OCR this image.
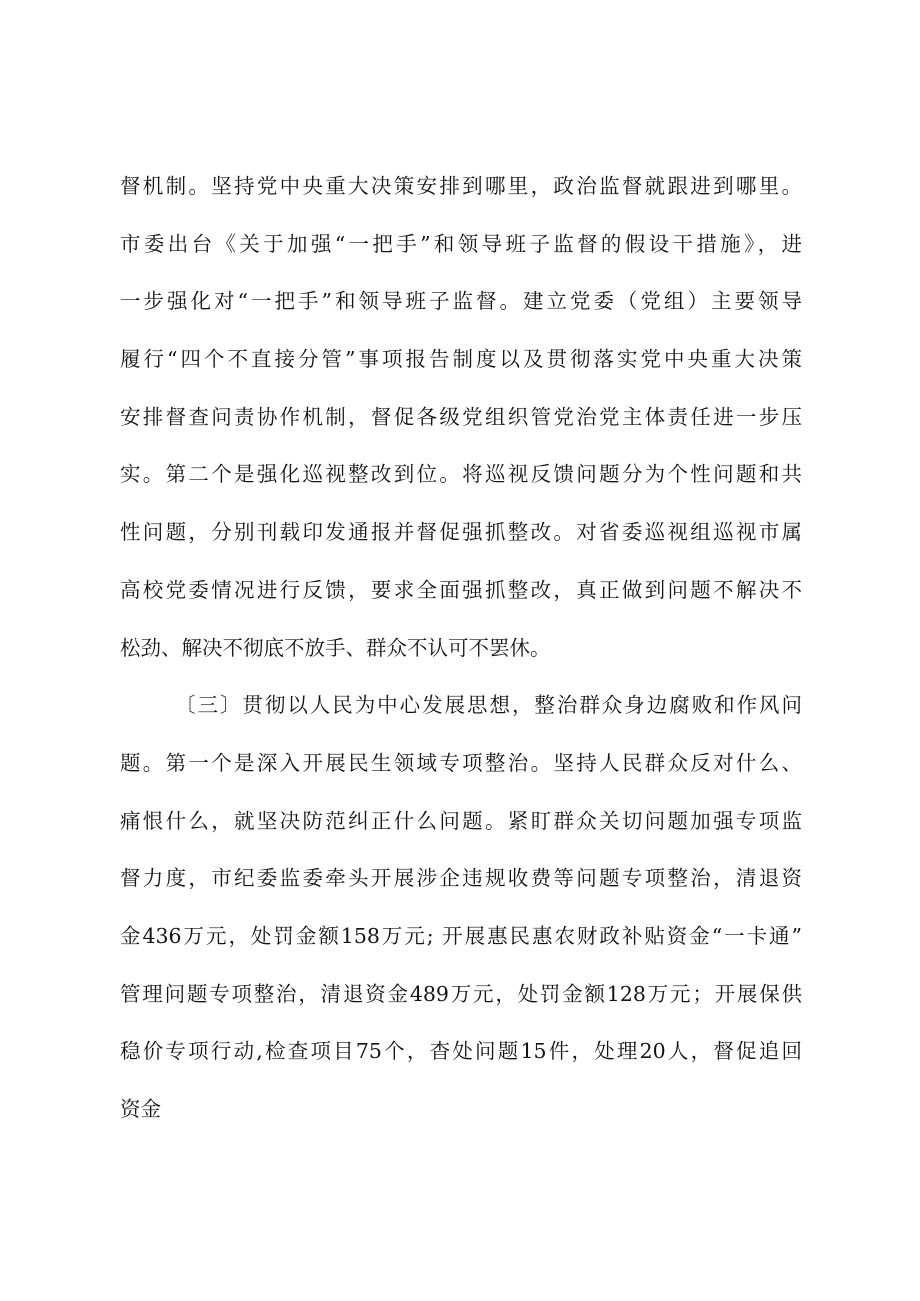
督机制。坚持党中央重大决策安排到哪里，政治监督就跟进到哪里。
市委出台《关于加强“一把手”和领导班子监督的假设干措施》，进
一步强化对“一把手”和领导班子监督。建立党委（党组）主要领导
履行“四个不直接分管”事项报告制度以及贯彻落实党中央重大决策
安排督查问责协作机制，督促各级党组织管党治党主体责任进一步压
实。第二个是强化巡视整改到位。将巡视反馈问题分为个性问题和共
性问题，分别刊载印发通报并督促强抓整改。对省委巡视组巡视市属
高校党委情况进行反馈，要求全面强抓整改，真正做到问题不解决不
松劲、解决不彻底不放手、群众不认可不罢休。
〔三〕贯彻以人民为中心发展思想，整治群众身边腐败和作风问
题。第一个是深入开展民生领域专项整治。坚持人民群众反对什么、
痛恨什么，就坚决防范纠正什么问题。紧盯群众关切问题加强专项监
督力度，市纪委监委牵头开展涉企违规收费等问题专项整治，清退资
金436万元，处罚金额158万元; 开展惠民惠农财政补贴资金“一卡通”
管理问题专项整治，清退资金489万元，处罚金额128万元；开展保供
稳价专项行动,检查项目75个，杳处问题15件，处理20人，督促追回
资金
